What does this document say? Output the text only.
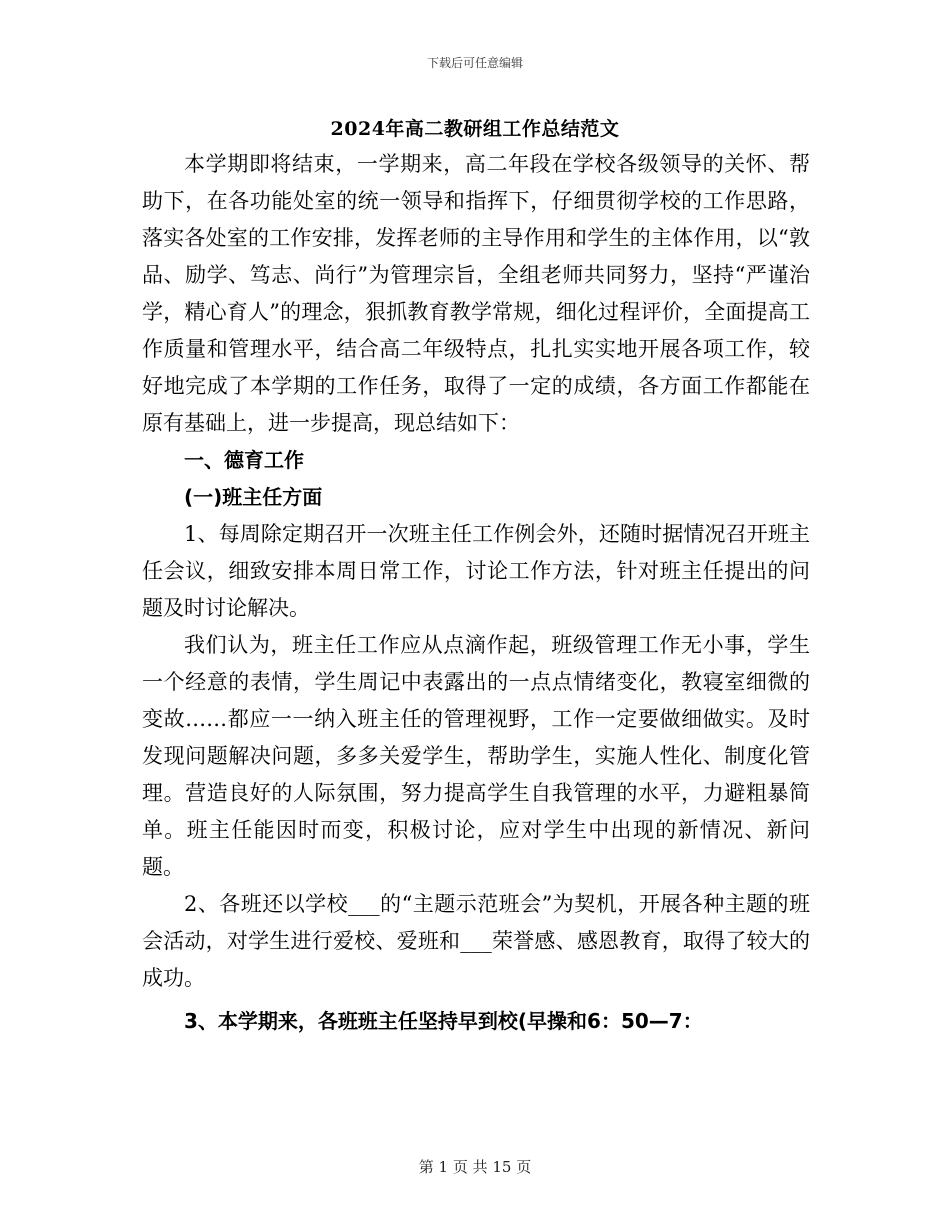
下载后可任意编辑
2024年高二教研组工作总结范文

本学期即将结束，一学期来，高二年段在学校各级领导的关怀、帮助下，在各功能处室的统一领导和指挥下，仔细贯彻学校的工作思路，落实各处室的工作安排，发挥老师的主导作用和学生的主体作用，以“敦品、励学、笃志、尚行”为管理宗旨，全组老师共同努力，坚持“严谨治学，精心育人”的理念，狠抓教育教学常规，细化过程评价，全面提高工作质量和管理水平，结合高二年级特点，扎扎实实地开展各项工作，较好地完成了本学期的工作任务，取得了一定的成绩，各方面工作都能在原有基础上，进一步提高，现总结如下：

一、德育工作

(一)班主任方面

1、每周除定期召开一次班主任工作例会外，还随时据情况召开班主任会议，细致安排本周日常工作，讨论工作方法，针对班主任提出的问题及时讨论解决。

我们认为，班主任工作应从点滴作起，班级管理工作无小事，学生一个经意的表情，学生周记中表露出的一点点情绪变化，教寝室细微的变故……都应一一纳入班主任的管理视野，工作一定要做细做实。及时发现问题解决问题，多多关爱学生，帮助学生，实施人性化、制度化管理。营造良好的人际氛围，努力提高学生自我管理的水平，力避粗暴简单。班主任能因时而变，积极讨论，应对学生中出现的新情况、新问题。

2、各班还以学校___的“主题示范班会”为契机，开展各种主题的班会活动，对学生进行爱校、爱班和___荣誉感、感恩教育，取得了较大的成功。

3、本学期来，各班班主任坚持早到校(早操和6：50—7：

第 1 页 共 15 页
